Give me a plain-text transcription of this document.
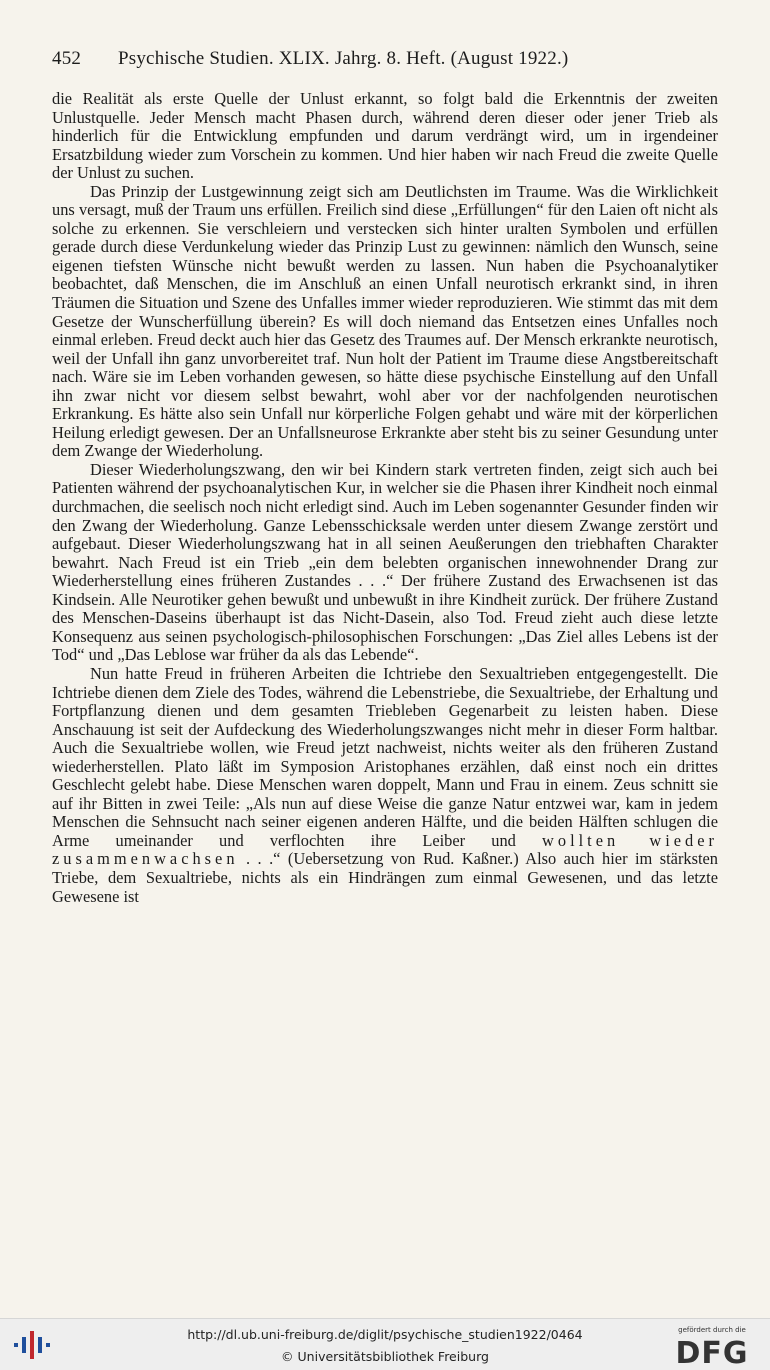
452 Psychische Studien. XLIX. Jahrg. 8. Heft. (August 1922.)

die Realität als erste Quelle der Unlust erkannt, so folgt bald die Erkenntnis der zweiten Unlustquelle. Jeder Mensch macht Phasen durch, während deren dieser oder jener Trieb als hinderlich für die Entwicklung empfunden und darum verdrängt wird, um in irgendeiner Ersatzbildung wieder zum Vorschein zu kommen. Und hier haben wir nach Freud die zweite Quelle der Unlust zu suchen.

Das Prinzip der Lustgewinnung zeigt sich am Deutlichsten im Traume. Was die Wirklichkeit uns versagt, muß der Traum uns erfüllen. Freilich sind diese „Erfüllungen“ für den Laien oft nicht als solche zu erkennen. Sie verschleiern und verstecken sich hinter uralten Symbolen und erfüllen gerade durch diese Verdunkelung wieder das Prinzip Lust zu gewinnen: nämlich den Wunsch, seine eigenen tiefsten Wünsche nicht bewußt werden zu lassen. Nun haben die Psychoanalytiker beobachtet, daß Menschen, die im Anschluß an einen Unfall neurotisch erkrankt sind, in ihren Träumen die Situation und Szene des Unfalles immer wieder reproduzieren. Wie stimmt das mit dem Gesetze der Wunscherfüllung überein? Es will doch niemand das Entsetzen eines Unfalles noch einmal erleben. Freud deckt auch hier das Gesetz des Traumes auf. Der Mensch erkrankte neurotisch, weil der Unfall ihn ganz unvorbereitet traf. Nun holt der Patient im Traume diese Angstbereitschaft nach. Wäre sie im Leben vorhanden gewesen, so hätte diese psychische Einstellung auf den Unfall ihn zwar nicht vor diesem selbst bewahrt, wohl aber vor der nachfolgenden neurotischen Erkrankung. Es hätte also sein Unfall nur körperliche Folgen gehabt und wäre mit der körperlichen Heilung erledigt gewesen. Der an Unfallsneurose Erkrankte aber steht bis zu seiner Gesundung unter dem Zwange der Wiederholung.

Dieser Wiederholungszwang, den wir bei Kindern stark vertreten finden, zeigt sich auch bei Patienten während der psychoanalytischen Kur, in welcher sie die Phasen ihrer Kindheit noch einmal durchmachen, die seelisch noch nicht erledigt sind. Auch im Leben sogenannter Gesunder finden wir den Zwang der Wiederholung. Ganze Lebensschicksale werden unter diesem Zwange zerstört und aufgebaut. Dieser Wiederholungszwang hat in all seinen Aeußerungen den triebhaften Charakter bewahrt. Nach Freud ist ein Trieb „ein dem belebten organischen innewohnender Drang zur Wiederherstellung eines früheren Zustandes . . .“ Der frühere Zustand des Erwachsenen ist das Kindsein. Alle Neurotiker gehen bewußt und unbewußt in ihre Kindheit zurück. Der frühere Zustand des Menschen-Daseins überhaupt ist das Nicht-Dasein, also Tod. Freud zieht auch diese letzte Konsequenz aus seinen psychologisch-philosophischen Forschungen: „Das Ziel alles Lebens ist der Tod“ und „Das Leblose war früher da als das Lebende“.

Nun hatte Freud in früheren Arbeiten die Ichtriebe den Sexualtrieben entgegengestellt. Die Ichtriebe dienen dem Ziele des Todes, während die Lebenstriebe, die Sexualtriebe, der Erhaltung und Fortpflanzung dienen und dem gesamten Triebleben Gegenarbeit zu leisten haben. Diese Anschauung ist seit der Aufdeckung des Wiederholungszwanges nicht mehr in dieser Form haltbar. Auch die Sexualtriebe wollen, wie Freud jetzt nachweist, nichts weiter als den früheren Zustand wiederherstellen. Plato läßt im Symposion Aristophanes erzählen, daß einst noch ein drittes Geschlecht gelebt habe. Diese Menschen waren doppelt, Mann und Frau in einem. Zeus schnitt sie auf ihr Bitten in zwei Teile: „Als nun auf diese Weise die ganze Natur entzwei war, kam in jedem Menschen die Sehnsucht nach seiner eigenen anderen Hälfte, und die beiden Hälften schlugen die Arme umeinander und verflochten ihre Leiber und wollten wieder zusammenwachsen . . .“ (Uebersetzung von Rud. Kaßner.) Also auch hier im stärksten Triebe, dem Sexualtriebe, nichts als ein Hindrängen zum einmal Gewesenen, und das letzte Gewesene ist

http://dl.ub.uni-freiburg.de/diglit/psychische_studien1922/0464
© Universitätsbibliothek Freiburg
gefördert durch die
DFG
